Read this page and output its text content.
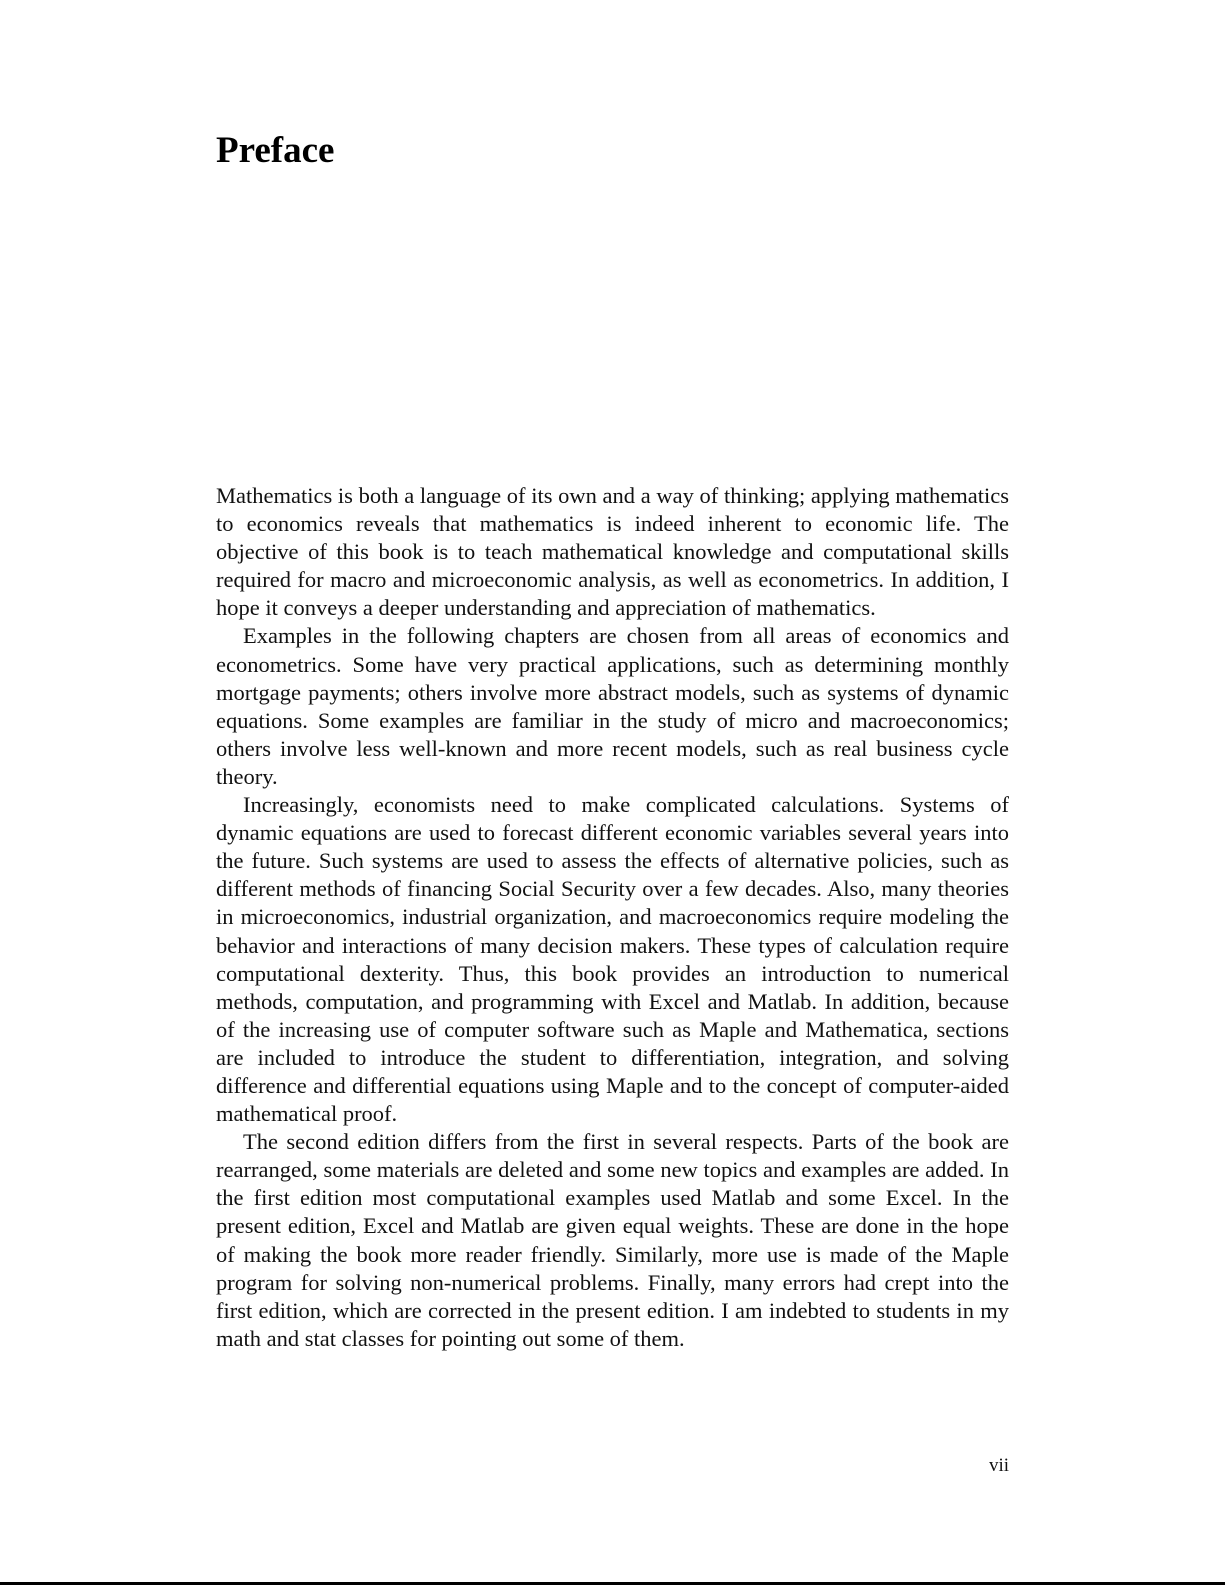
Preface

Mathematics is both a language of its own and a way of thinking; applying mathematics to economics reveals that mathematics is indeed inherent to economic life. The objective of this book is to teach mathematical knowledge and computational skills required for macro and microeconomic analysis, as well as econometrics. In addition, I hope it conveys a deeper understanding and appreciation of mathematics.

Examples in the following chapters are chosen from all areas of economics and econometrics. Some have very practical applications, such as determining monthly mortgage payments; others involve more abstract models, such as systems of dynamic equations. Some examples are familiar in the study of micro and macroeconomics; others involve less well-known and more recent models, such as real business cycle theory.

Increasingly, economists need to make complicated calculations. Systems of dynamic equations are used to forecast different economic variables several years into the future. Such systems are used to assess the effects of alternative policies, such as different methods of financing Social Security over a few decades. Also, many theories in microeconomics, industrial organization, and macroeconomics require modeling the behavior and interactions of many decision makers. These types of calculation require computational dexterity. Thus, this book provides an introduction to numerical methods, computation, and programming with Excel and Matlab. In addition, because of the increasing use of computer software such as Maple and Mathematica, sections are included to introduce the student to differentiation, integration, and solving difference and differential equations using Maple and to the concept of computer-aided mathematical proof.

The second edition differs from the first in several respects. Parts of the book are rearranged, some materials are deleted and some new topics and examples are added. In the first edition most computational examples used Matlab and some Excel. In the present edition, Excel and Matlab are given equal weights. These are done in the hope of making the book more reader friendly. Similarly, more use is made of the Maple program for solving non-numerical problems. Finally, many errors had crept into the first edition, which are corrected in the present edition. I am indebted to students in my math and stat classes for pointing out some of them.

vii
